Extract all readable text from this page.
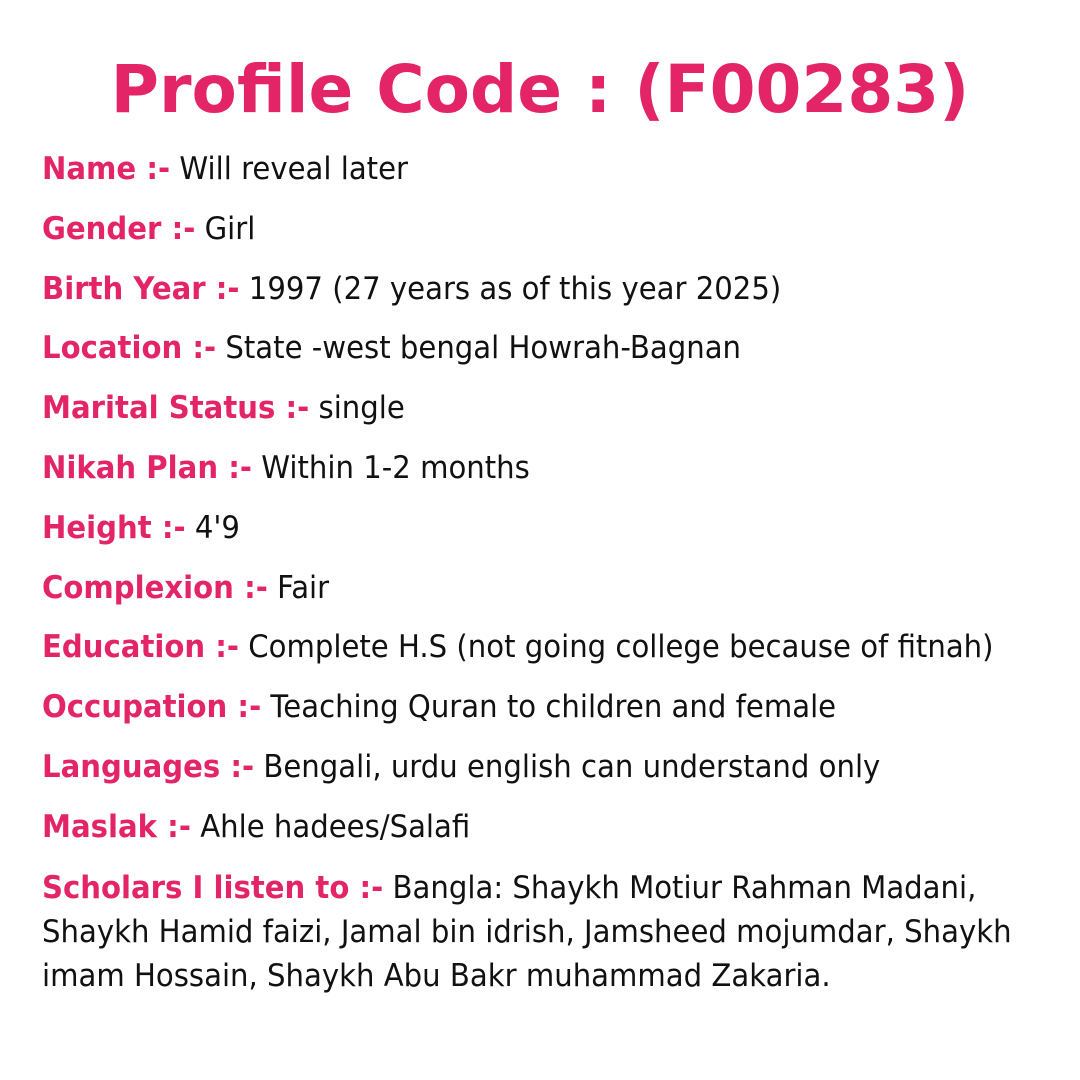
Profile Code : (F00283)

Name :- Will reveal later

Gender :- Girl

Birth Year :- 1997 (27 years as of this year 2025)

Location :- State -west bengal Howrah-Bagnan

Marital Status :- single

Nikah Plan :- Within 1-2 months

Height :- 4'9

Complexion :- Fair

Education :- Complete H.S (not going college because of fitnah)

Occupation :- Teaching Quran to children and female

Languages :- Bengali, urdu english can understand only

Maslak :- Ahle hadees/Salafi

Scholars I listen to :- Bangla: Shaykh Motiur Rahman Madani, Shaykh Hamid faizi, Jamal bin idrish, Jamsheed mojumdar, Shaykh imam Hossain, Shaykh Abu Bakr muhammad Zakaria.
